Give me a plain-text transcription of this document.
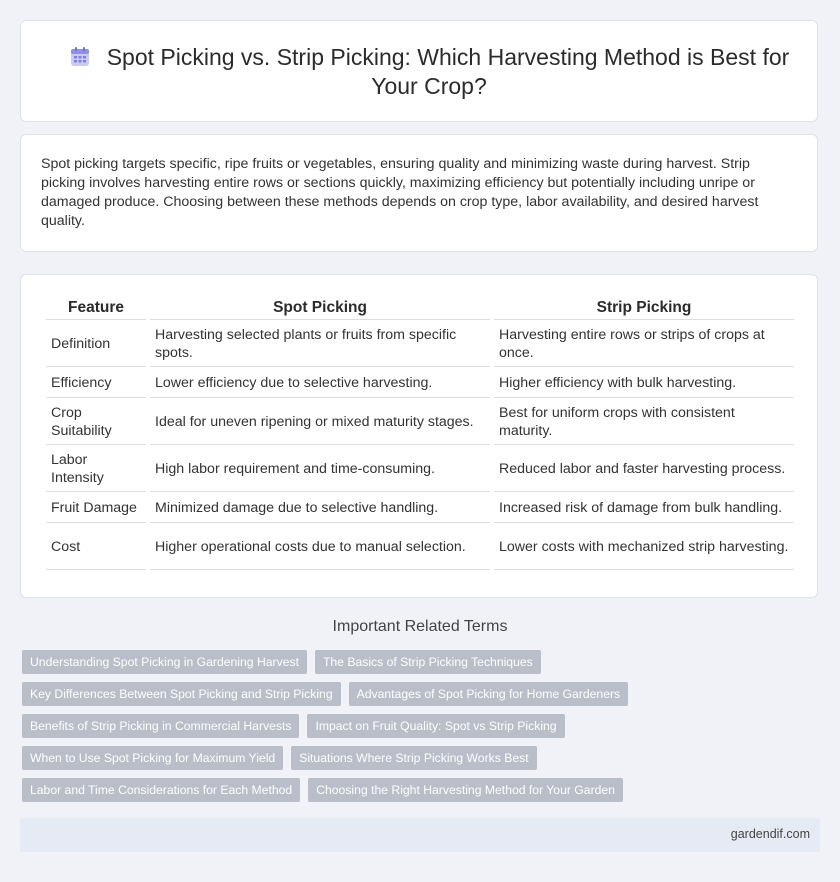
Spot Picking vs. Strip Picking: Which Harvesting Method is Best for Your Crop?

Spot picking targets specific, ripe fruits or vegetables, ensuring quality and minimizing waste during harvest. Strip picking involves harvesting entire rows or sections quickly, maximizing efficiency but potentially including unripe or damaged produce. Choosing between these methods depends on crop type, labor availability, and desired harvest quality.

Feature	Spot Picking	Strip Picking
Definition	Harvesting selected plants or fruits from specific spots.	Harvesting entire rows or strips of crops at once.
Efficiency	Lower efficiency due to selective harvesting.	Higher efficiency with bulk harvesting.
Crop Suitability	Ideal for uneven ripening or mixed maturity stages.	Best for uniform crops with consistent maturity.
Labor Intensity	High labor requirement and time-consuming.	Reduced labor and faster harvesting process.
Fruit Damage	Minimized damage due to selective handling.	Increased risk of damage from bulk handling.
Cost	Higher operational costs due to manual selection.	Lower costs with mechanized strip harvesting.
Important Related Terms
Understanding Spot Picking in Gardening Harvest	The Basics of Strip Picking Techniques
Key Differences Between Spot Picking and Strip Picking	Advantages of Spot Picking for Home Gardeners
Benefits of Strip Picking in Commercial Harvests	Impact on Fruit Quality: Spot vs Strip Picking
When to Use Spot Picking for Maximum Yield	Situations Where Strip Picking Works Best
Labor and Time Considerations for Each Method	Choosing the Right Harvesting Method for Your Garden
gardendif.com
